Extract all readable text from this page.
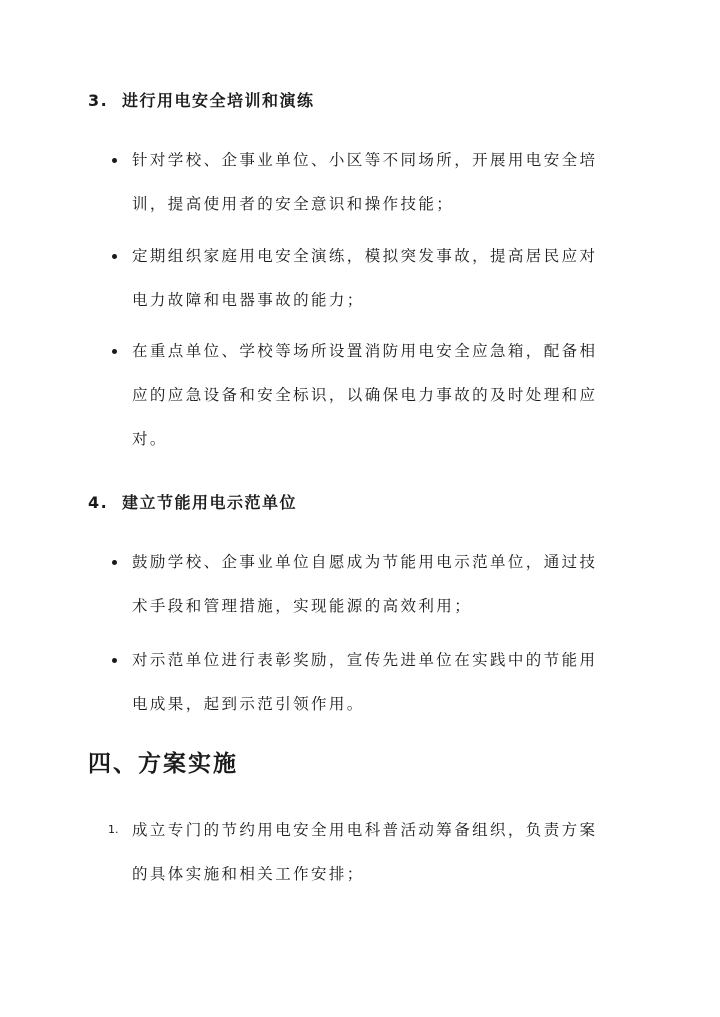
3. 进行用电安全培训和演练
针对学校、企事业单位、小区等不同场所，开展用电安全培
训，提高使用者的安全意识和操作技能；
定期组织家庭用电安全演练，模拟突发事故，提高居民应对
电力故障和电器事故的能力；
在重点单位、学校等场所设置消防用电安全应急箱，配备相
应的应急设备和安全标识，以确保电力事故的及时处理和应
对。
4. 建立节能用电示范单位
鼓励学校、企事业单位自愿成为节能用电示范单位，通过技
术手段和管理措施，实现能源的高效利用；
对示范单位进行表彰奖励，宣传先进单位在实践中的节能用
电成果，起到示范引领作用。
四、方案实施
1. 成立专门的节约用电安全用电科普活动筹备组织，负责方案
的具体实施和相关工作安排；
